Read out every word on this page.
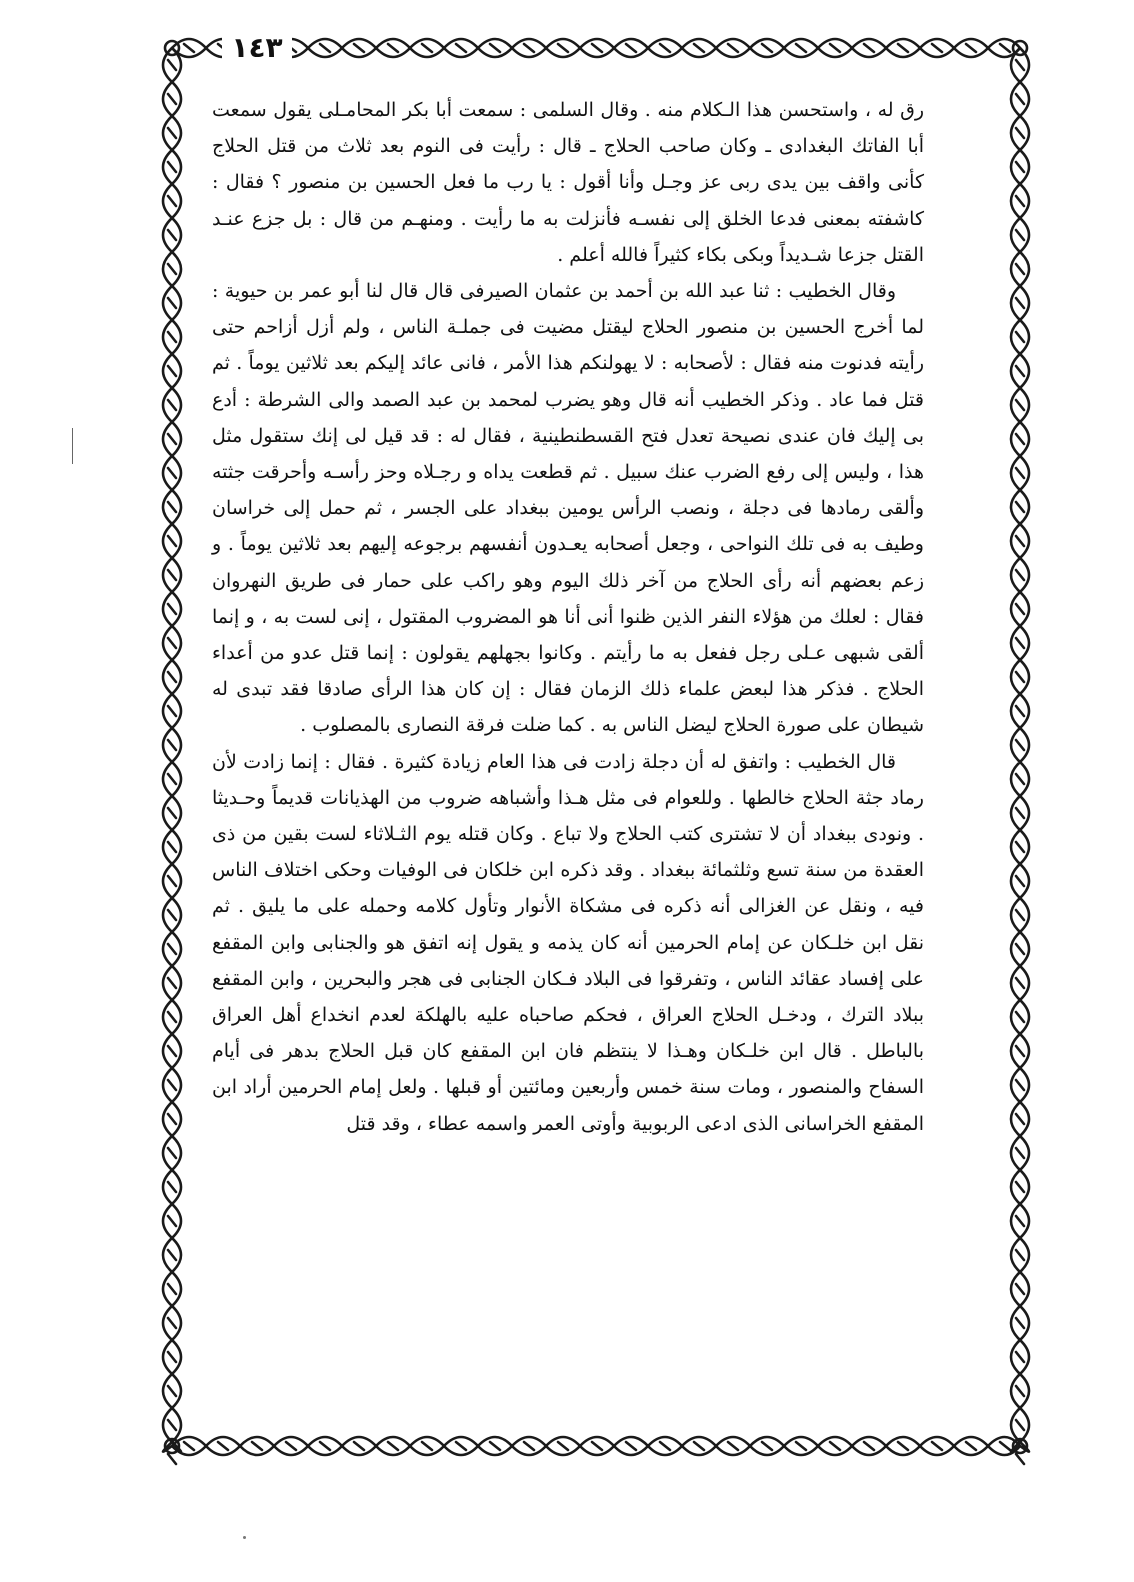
١٤٣

رق له ، واستحسن هذا الـكلام منه . وقال السلمى : سمعت أبا بكر المحامـلى يقول سمعت أبا الفاتك البغدادى ـ وكان صاحب الحلاج ـ قال : رأيت فى النوم بعد ثلاث من قتل الحلاج كأنى واقف بين يدى ربى عز وجـل وأنا أقول : يا رب ما فعل الحسين بن منصور ؟ فقال : كاشفته بمعنى فدعا الخلق إلى نفسـه فأنزلت به ما رأيت . ومنهـم من قال : بل جزع عنـد القتل جزعا شـديداً وبكى بكاء كثيراً فالله أعلم .

وقال الخطيب : ثنا عبد الله بن أحمد بن عثمان الصيرفى قال قال لنا أبو عمر بن حيوية : لما أخرج الحسين بن منصور الحلاج ليقتل مضيت فى جملـة الناس ، ولم أزل أزاحم حتى رأيته فدنوت منه فقال : لأصحابه : لا يهولنكم هذا الأمر ، فانى عائد إليكم بعد ثلاثين يوماً . ثم قتل فما عاد . وذكر الخطيب أنه قال وهو يضرب لمحمد بن عبد الصمد والى الشرطة : أدع بى إليك فان عندى نصيحة تعدل فتح القسطنطينية ، فقال له : قد قيل لى إنك ستقول مثل هذا ، وليس إلى رفع الضرب عنك سبيل . ثم قطعت يداه و رجـلاه وحز رأسـه وأحرقت جثته وألقى رمادها فى دجلة ، ونصب الرأس يومين ببغداد على الجسر ، ثم حمل إلى خراسان وطيف به فى تلك النواحى ، وجعل أصحابه يعـدون أنفسهم برجوعه إليهم بعد ثلاثين يوماً . و زعم بعضهم أنه رأى الحلاج من آخر ذلك اليوم وهو راكب على حمار فى طريق النهروان فقال : لعلك من هؤلاء النفر الذين ظنوا أنى أنا هو المضروب المقتول ، إنى لست به ، و إنما ألقى شبهى عـلى رجل ففعل به ما رأيتم . وكانوا بجهلهم يقولون : إنما قتل عدو من أعداء الحلاج . فذكر هذا لبعض علماء ذلك الزمان فقال : إن كان هذا الرأى صادقا فقد تبدى له شيطان على صورة الحلاج ليضل الناس به . كما ضلت فرقة النصارى بالمصلوب .

قال الخطيب : واتفق له أن دجلة زادت فى هذا العام زيادة كثيرة . فقال : إنما زادت لأن رماد جثة الحلاج خالطها . وللعوام فى مثل هـذا وأشباهه ضروب من الهذيانات قديماً وحـديثا . ونودى ببغداد أن لا تشترى كتب الحلاج ولا تباع . وكان قتله يوم الثـلاثاء لست بقين من ذى العقدة من سنة تسع وثلثمائة ببغداد . وقد ذكره ابن خلكان فى الوفيات وحكى اختلاف الناس فيه ، ونقل عن الغزالى أنه ذكره فى مشكاة الأنوار وتأول كلامه وحمله على ما يليق . ثم نقل ابن خلـكان عن إمام الحرمين أنه كان يذمه و يقول إنه اتفق هو والجنابى وابن المقفع على إفساد عقائد الناس ، وتفرقوا فى البلاد فـكان الجنابى فى هجر والبحرين ، وابن المقفع ببلاد الترك ، ودخـل الحلاج العراق ، فحكم صاحباه عليه بالهلكة لعدم انخداع أهل العراق بالباطل . قال ابن خلـكان وهـذا لا ينتظم فان ابن المقفع كان قبل الحلاج بدهر فى أيام السفاح والمنصور ، ومات سنة خمس وأربعين ومائتين أو قبلها . ولعل إمام الحرمين أراد ابن المقفع الخراسانى الذى ادعى الربوبية وأوتى العمر واسمه عطاء ، وقد قتل
